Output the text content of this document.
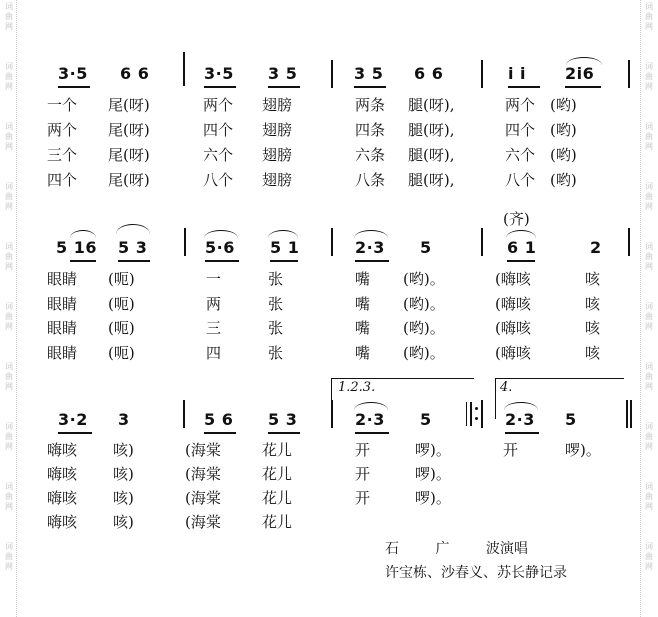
3·5 6 6	3·5 3 5	3 5 6 6	i i 2i6
一个 尾(呀)	两个 翅膀	两条 腿(呀),	两个 (哟)
两个 尾(呀)	四个 翅膀	四条 腿(呀),	四个 (哟)
三个 尾(呀)	六个 翅膀	六条 腿(呀),	六个 (哟)
四个 尾(呀)	八个 翅膀	八条 腿(呀),	八个 (哟)
(齐)
5 16 5 3	5·6 5 1	2·3 5	6 1	2
眼睛 (呃)	一	张	嘴 (哟)。	(嗨咳	咳
眼睛 (呃)	两	张	嘴 (哟)。	(嗨咳	咳
眼睛 (呃)	三	张	嘴 (哟)。	(嗨咳	咳
眼睛 (呃)	四	张	嘴 (哟)。	(嗨咳	咳
1.2.3.	4.
3·2 3	5 6 5 3	2·3 5	2·3 5
嗨咳 咳)	(海棠	花儿	开	啰)。	开	啰)。
嗨咳 咳)	(海棠	花儿	开	啰)。
嗨咳 咳)	(海棠	花儿	开	啰)。
嗨咳 咳)	(海棠	花儿
石 广 波演唱
许宝栋、沙春义、苏长静记录
词曲网
词曲网
词曲网
词曲网
词曲网
词曲网
词曲网
词曲网
词曲网
词曲网
词曲网
词曲网
词曲网
词曲网
词曲网
词曲网
词曲网
词曲网
词曲网
词曲网
